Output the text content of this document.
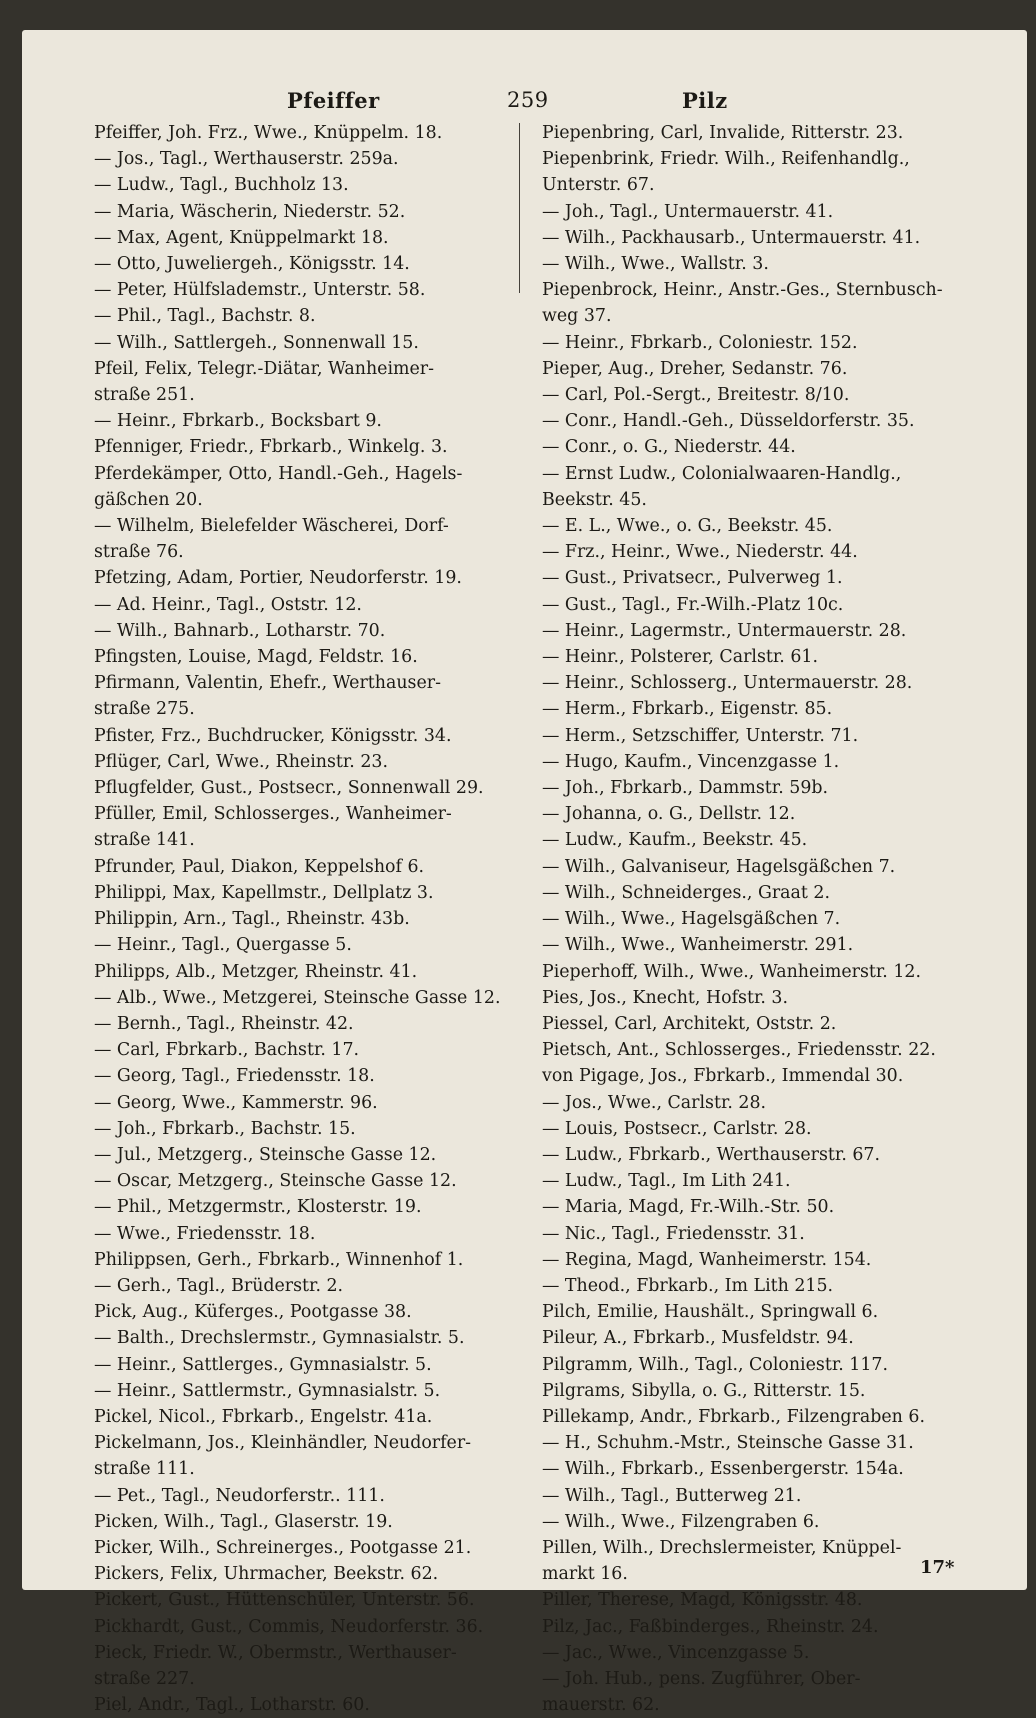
Pfeiffer	259	Pilz
Pfeiffer, Joh. Frz., Wwe., Knüppelm. 18.
— Jos., Tagl., Werthauserstr. 259a.
— Ludw., Tagl., Buchholz 13.
— Maria, Wäscherin, Niederstr. 52.
— Max, Agent, Knüppelmarkt 18.
— Otto, Juweliergeh., Königsstr. 14.
— Peter, Hülfslademstr., Unterstr. 58.
— Phil., Tagl., Bachstr. 8.
— Wilh., Sattlergeh., Sonnenwall 15.
Pfeil, Felix, Telegr.-Diätar, Wanheimer-
straße 251.
— Heinr., Fbrkarb., Bocksbart 9.
Pfenniger, Friedr., Fbrkarb., Winkelg. 3.
Pferdekämper, Otto, Handl.-Geh., Hagels-
gäßchen 20.
— Wilhelm, Bielefelder Wäscherei, Dorf-
straße 76.
Pfetzing, Adam, Portier, Neudorferstr. 19.
— Ad. Heinr., Tagl., Oststr. 12.
— Wilh., Bahnarb., Lotharstr. 70.
Pfingsten, Louise, Magd, Feldstr. 16.
Pfirmann, Valentin, Ehefr., Werthauser-
straße 275.
Pfister, Frz., Buchdrucker, Königsstr. 34.
Pflüger, Carl, Wwe., Rheinstr. 23.
Pflugfelder, Gust., Postsecr., Sonnenwall 29.
Pfüller, Emil, Schlosserges., Wanheimer-
straße 141.
Pfrunder, Paul, Diakon, Keppelshof 6.
Philippi, Max, Kapellmstr., Dellplatz 3.
Philippin, Arn., Tagl., Rheinstr. 43b.
— Heinr., Tagl., Quergasse 5.
Philipps, Alb., Metzger, Rheinstr. 41.
— Alb., Wwe., Metzgerei, Steinsche Gasse 12.
— Bernh., Tagl., Rheinstr. 42.
— Carl, Fbrkarb., Bachstr. 17.
— Georg, Tagl., Friedensstr. 18.
— Georg, Wwe., Kammerstr. 96.
— Joh., Fbrkarb., Bachstr. 15.
— Jul., Metzgerg., Steinsche Gasse 12.
— Oscar, Metzgerg., Steinsche Gasse 12.
— Phil., Metzgermstr., Klosterstr. 19.
— Wwe., Friedensstr. 18.
Philippsen, Gerh., Fbrkarb., Winnenhof 1.
— Gerh., Tagl., Brüderstr. 2.
Pick, Aug., Küferges., Pootgasse 38.
— Balth., Drechslermstr., Gymnasialstr. 5.
— Heinr., Sattlerges., Gymnasialstr. 5.
— Heinr., Sattlermstr., Gymnasialstr. 5.
Pickel, Nicol., Fbrkarb., Engelstr. 41a.
Pickelmann, Jos., Kleinhändler, Neudorfer-
straße 111.
— Pet., Tagl., Neudorferstr.. 111.
Picken, Wilh., Tagl., Glaserstr. 19.
Picker, Wilh., Schreinerges., Pootgasse 21.
Pickers, Felix, Uhrmacher, Beekstr. 62.
Pickert, Gust., Hüttenschüler, Unterstr. 56.
Pickhardt, Gust., Commis, Neudorferstr. 36.
Pieck, Friedr. W., Obermstr., Werthauser-
straße 227.
Piel, Andr., Tagl., Lotharstr. 60.
Piepenbring, Carl, Invalide, Ritterstr. 23.
Piepenbrink, Friedr. Wilh., Reifenhandlg.,
Unterstr. 67.
— Joh., Tagl., Untermauerstr. 41.
— Wilh., Packhausarb., Untermauerstr. 41.
— Wilh., Wwe., Wallstr. 3.
Piepenbrock, Heinr., Anstr.-Ges., Sternbusch-
weg 37.
— Heinr., Fbrkarb., Coloniestr. 152.
Pieper, Aug., Dreher, Sedanstr. 76.
— Carl, Pol.-Sergt., Breitestr. 8/10.
— Conr., Handl.-Geh., Düsseldorferstr. 35.
— Conr., o. G., Niederstr. 44.
— Ernst Ludw., Colonialwaaren-Handlg.,
Beekstr. 45.
— E. L., Wwe., o. G., Beekstr. 45.
— Frz., Heinr., Wwe., Niederstr. 44.
— Gust., Privatsecr., Pulverweg 1.
— Gust., Tagl., Fr.-Wilh.-Platz 10c.
— Heinr., Lagermstr., Untermauerstr. 28.
— Heinr., Polsterer, Carlstr. 61.
— Heinr., Schlosserg., Untermauerstr. 28.
— Herm., Fbrkarb., Eigenstr. 85.
— Herm., Setzschiffer, Unterstr. 71.
— Hugo, Kaufm., Vincenzgasse 1.
— Joh., Fbrkarb., Dammstr. 59b.
— Johanna, o. G., Dellstr. 12.
— Ludw., Kaufm., Beekstr. 45.
— Wilh., Galvaniseur, Hagelsgäßchen 7.
— Wilh., Schneiderges., Graat 2.
— Wilh., Wwe., Hagelsgäßchen 7.
— Wilh., Wwe., Wanheimerstr. 291.
Pieperhoff, Wilh., Wwe., Wanheimerstr. 12.
Pies, Jos., Knecht, Hofstr. 3.
Piessel, Carl, Architekt, Oststr. 2.
Pietsch, Ant., Schlosserges., Friedensstr. 22.
von Pigage, Jos., Fbrkarb., Immendal 30.
— Jos., Wwe., Carlstr. 28.
— Louis, Postsecr., Carlstr. 28.
— Ludw., Fbrkarb., Werthauserstr. 67.
— Ludw., Tagl., Im Lith 241.
— Maria, Magd, Fr.-Wilh.-Str. 50.
— Nic., Tagl., Friedensstr. 31.
— Regina, Magd, Wanheimerstr. 154.
— Theod., Fbrkarb., Im Lith 215.
Pilch, Emilie, Haushält., Springwall 6.
Pileur, A., Fbrkarb., Musfeldstr. 94.
Pilgramm, Wilh., Tagl., Coloniestr. 117.
Pilgrams, Sibylla, o. G., Ritterstr. 15.
Pillekamp, Andr., Fbrkarb., Filzengraben 6.
— H., Schuhm.-Mstr., Steinsche Gasse 31.
— Wilh., Fbrkarb., Essenbergerstr. 154a.
— Wilh., Tagl., Butterweg 21.
— Wilh., Wwe., Filzengraben 6.
Pillen, Wilh., Drechslermeister, Knüppel-
markt 16.
Piller, Therese, Magd, Königsstr. 48.
Pilz, Jac., Faßbinderges., Rheinstr. 24.
— Jac., Wwe., Vincenzgasse 5.
— Joh. Hub., pens. Zugführer, Ober-
mauerstr. 62.
17*
